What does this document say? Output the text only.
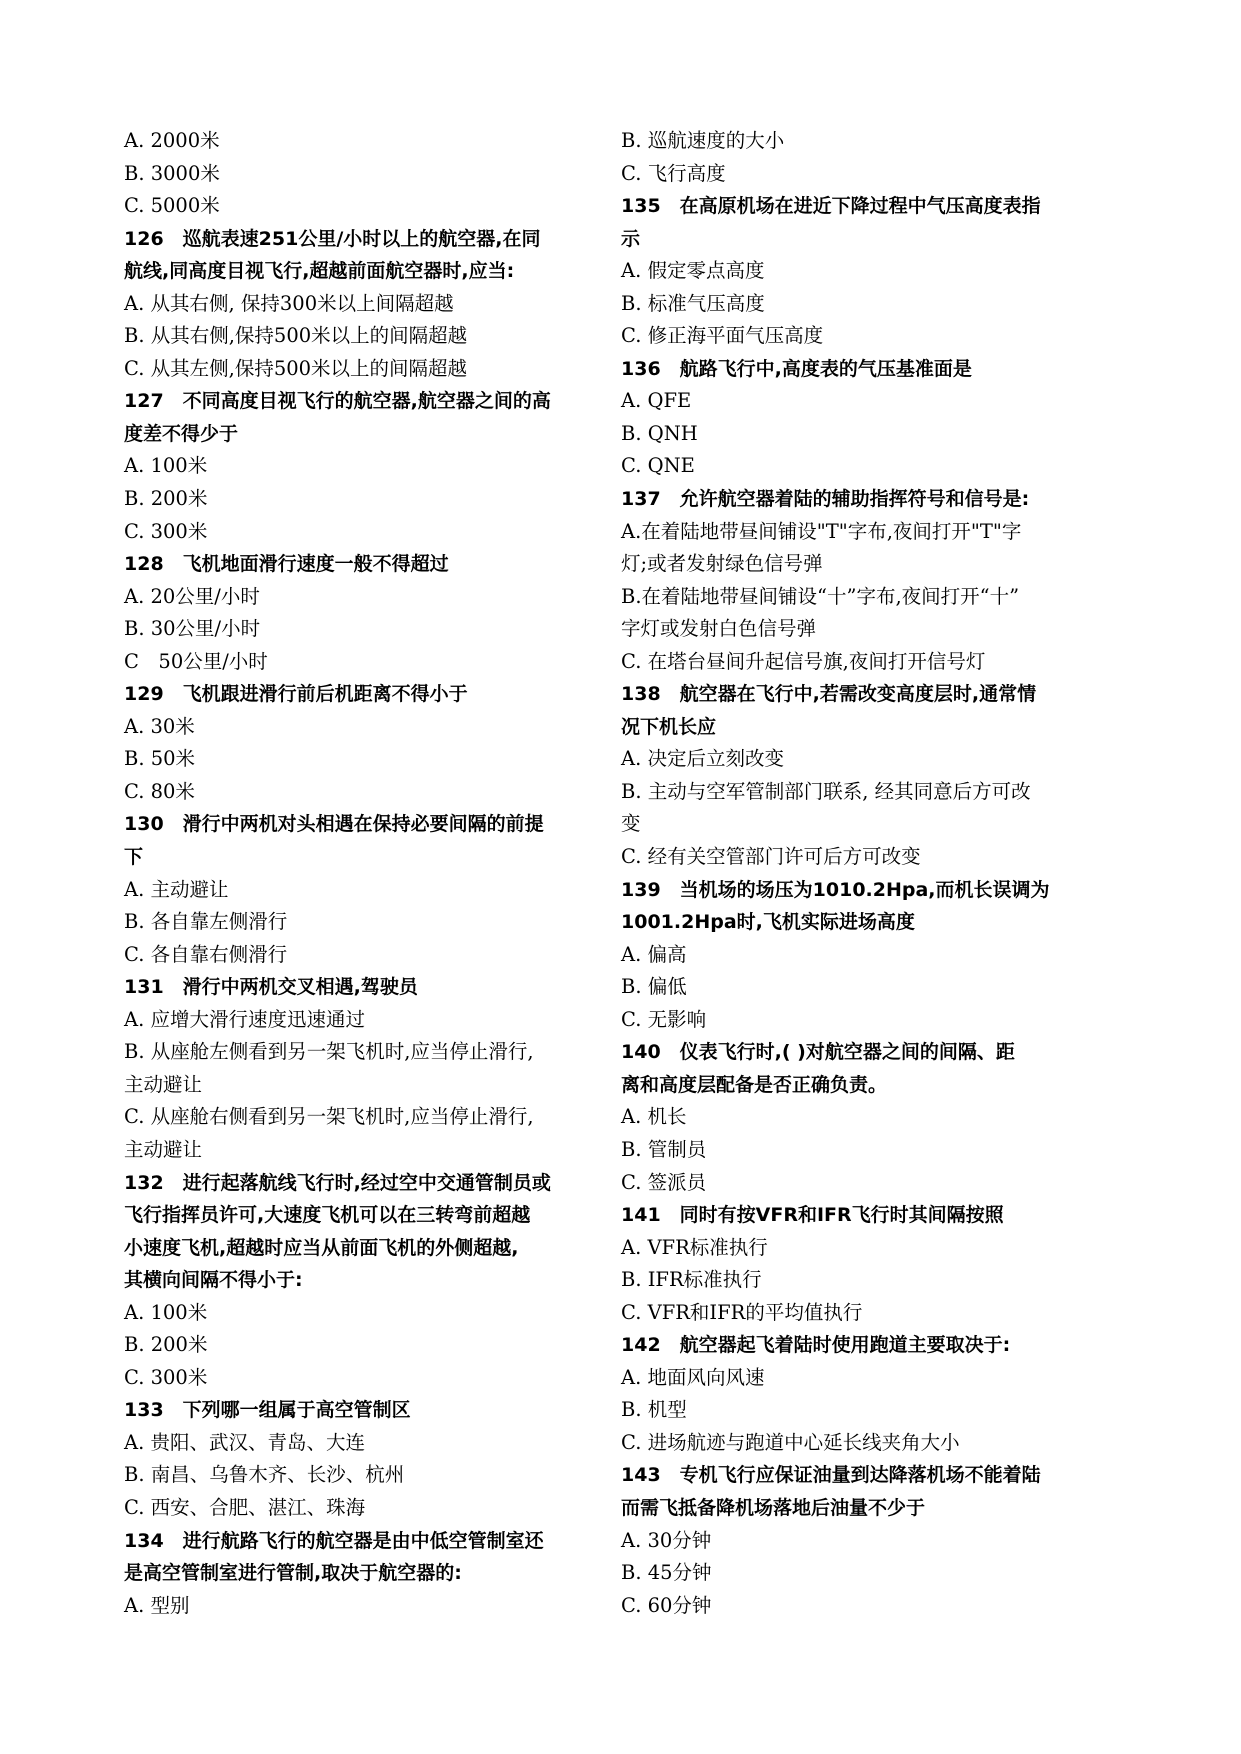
A. 2000米
B. 3000米
C. 5000米
126　巡航表速251公里/小时以上的航空器,在同
航线,同高度目视飞行,超越前面航空器时,应当:
A. 从其右侧, 保持300米以上间隔超越
B. 从其右侧,保持500米以上的间隔超越
C. 从其左侧,保持500米以上的间隔超越
127　不同高度目视飞行的航空器,航空器之间的高
度差不得少于
A. 100米
B. 200米
C. 300米
128　飞机地面滑行速度一般不得超过
A. 20公里/小时
B. 30公里/小时
C　50公里/小时
129　飞机跟进滑行前后机距离不得小于
A. 30米
B. 50米
C. 80米
130　滑行中两机对头相遇在保持必要间隔的前提
下
A. 主动避让
B. 各自靠左侧滑行
C. 各自靠右侧滑行
131　滑行中两机交叉相遇,驾驶员
A. 应增大滑行速度迅速通过
B. 从座舱左侧看到另一架飞机时,应当停止滑行,
主动避让
C. 从座舱右侧看到另一架飞机时,应当停止滑行,
主动避让
132　进行起落航线飞行时,经过空中交通管制员或
飞行指挥员许可,大速度飞机可以在三转弯前超越
小速度飞机,超越时应当从前面飞机的外侧超越,
其横向间隔不得小于:
A. 100米
B. 200米
C. 300米
133　下列哪一组属于高空管制区
A. 贵阳、武汉、青岛、大连
B. 南昌、乌鲁木齐、长沙、杭州
C. 西安、合肥、湛江、珠海
134　进行航路飞行的航空器是由中低空管制室还
是高空管制室进行管制,取决于航空器的:
A. 型别
B. 巡航速度的大小
C. 飞行高度
135　在高原机场在进近下降过程中气压高度表指
示
A. 假定零点高度
B. 标准气压高度
C. 修正海平面气压高度
136　航路飞行中,高度表的气压基准面是
A. QFE
B. QNH
C. QNE
137　允许航空器着陆的辅助指挥符号和信号是:
A.在着陆地带昼间铺设"T"字布,夜间打开"T"字
灯;或者发射绿色信号弹
B.在着陆地带昼间铺设“十”字布,夜间打开“十”
字灯或发射白色信号弹
C. 在塔台昼间升起信号旗,夜间打开信号灯
138　航空器在飞行中,若需改变高度层时,通常情
况下机长应
A. 决定后立刻改变
B. 主动与空军管制部门联系, 经其同意后方可改
变
C. 经有关空管部门许可后方可改变
139　当机场的场压为1010.2Hpa,而机长误调为
1001.2Hpa时,飞机实际进场高度
A. 偏高
B. 偏低
C. 无影响
140　仪表飞行时,( )对航空器之间的间隔、距
离和高度层配备是否正确负责。
A. 机长
B. 管制员
C. 签派员
141　同时有按VFR和IFR飞行时其间隔按照
A. VFR标准执行
B. IFR标准执行
C. VFR和IFR的平均值执行
142　航空器起飞着陆时使用跑道主要取决于:
A. 地面风向风速
B. 机型
C. 进场航迹与跑道中心延长线夹角大小
143　专机飞行应保证油量到达降落机场不能着陆
而需飞抵备降机场落地后油量不少于
A. 30分钟
B. 45分钟
C. 60分钟
